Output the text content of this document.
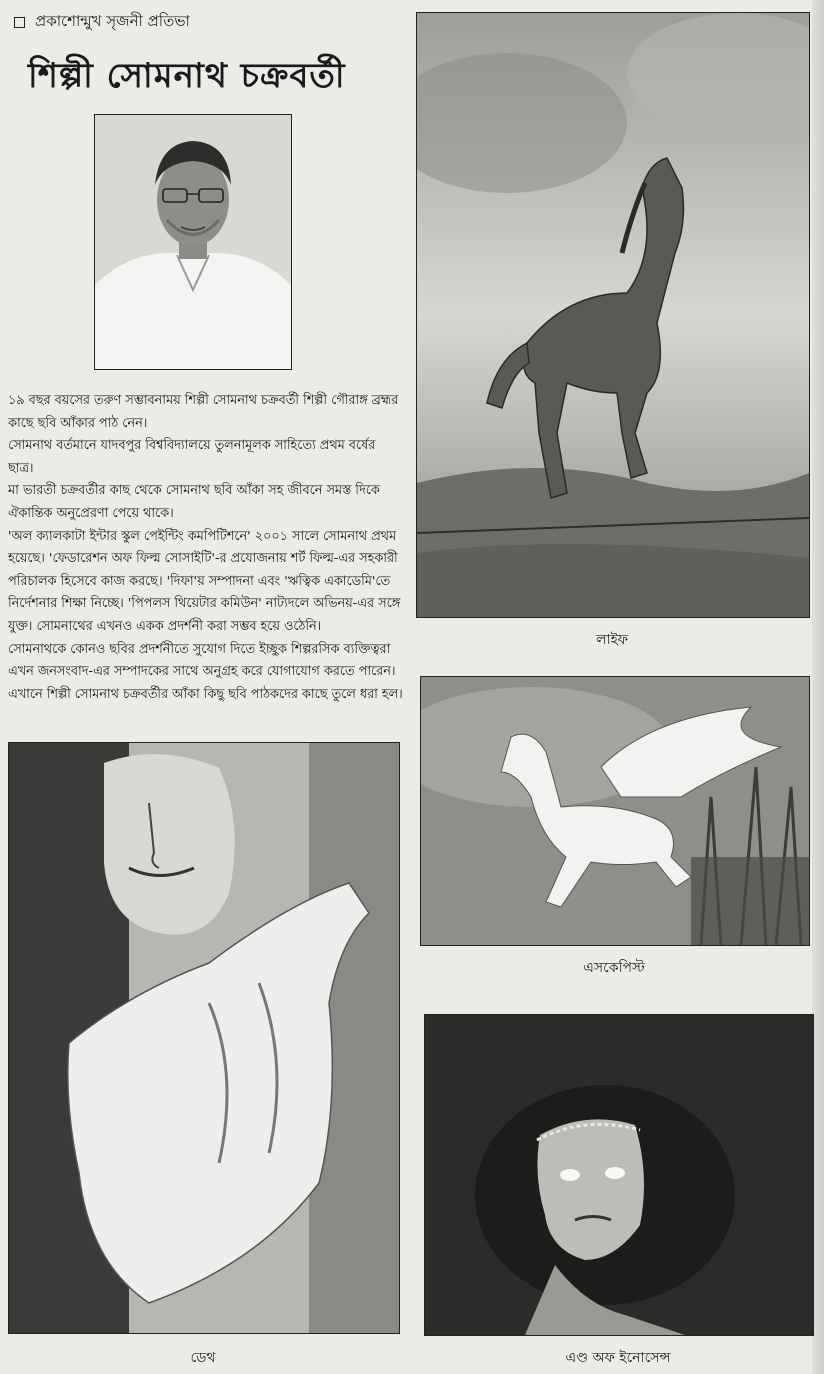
প্রকাশোন্মুখ সৃজনী প্রতিভা
শিল্পী সোমনাথ চক্রবর্তী

১৯ বছর বয়সের তরুণ সম্ভাবনাময় শিল্পী সোমনাথ চক্রবর্তী শিল্পী গৌরাঙ্গ ব্রহ্মর কাছে ছবি আঁকার পাঠ নেন।

সোমনাথ বর্তমানে যাদবপুর বিশ্ববিদ্যালয়ে তুলনামূলক সাহিত্যে প্রথম বর্ষের ছাত্র।

মা ভারতী চক্রবর্তীর কাছ থেকে সোমনাথ ছবি আঁকা সহ জীবনে সমস্ত দিকে ঐকান্তিক অনুপ্রেরণা পেয়ে থাকে।

'অল ক্যালকাটা ইন্টার স্কুল পেইন্টিং কমপিটিশনে' ২০০১ সালে সোমনাথ প্রথম হয়েছে। 'ফেডারেশন অফ ফিল্ম সোসাইটি'-র প্রযোজনায় শর্ট ফিল্ম-এর সহকারী পরিচালক হিসেবে কাজ করছে। 'দিফা'য় সম্পাদনা এবং 'ঋত্বিক একাডেমি'তে নির্দেশনার শিক্ষা নিচ্ছে। 'পিপলস থিয়েটার কমিউন' নাট্যদলে অভিনয়-এর সঙ্গে যুক্ত। সোমনাথের এখনও একক প্রদর্শনী করা সম্ভব হয়ে ওঠেনি।

সোমনাথকে কোনও ছবির প্রদর্শনীতে সুযোগ দিতে ইচ্ছুক শিল্পরসিক ব্যক্তিত্বরা এখন জনসংবাদ-এর সম্পাদকের সাথে অনুগ্রহ করে যোগাযোগ করতে পারেন। এখানে শিল্পী সোমনাথ চক্রবর্তীর আঁকা কিছু ছবি পাঠকদের কাছে তুলে ধরা হল।

লাইফ
এসকেপিস্ট
ডেথ	এণ্ড অফ ইনোসেন্স
